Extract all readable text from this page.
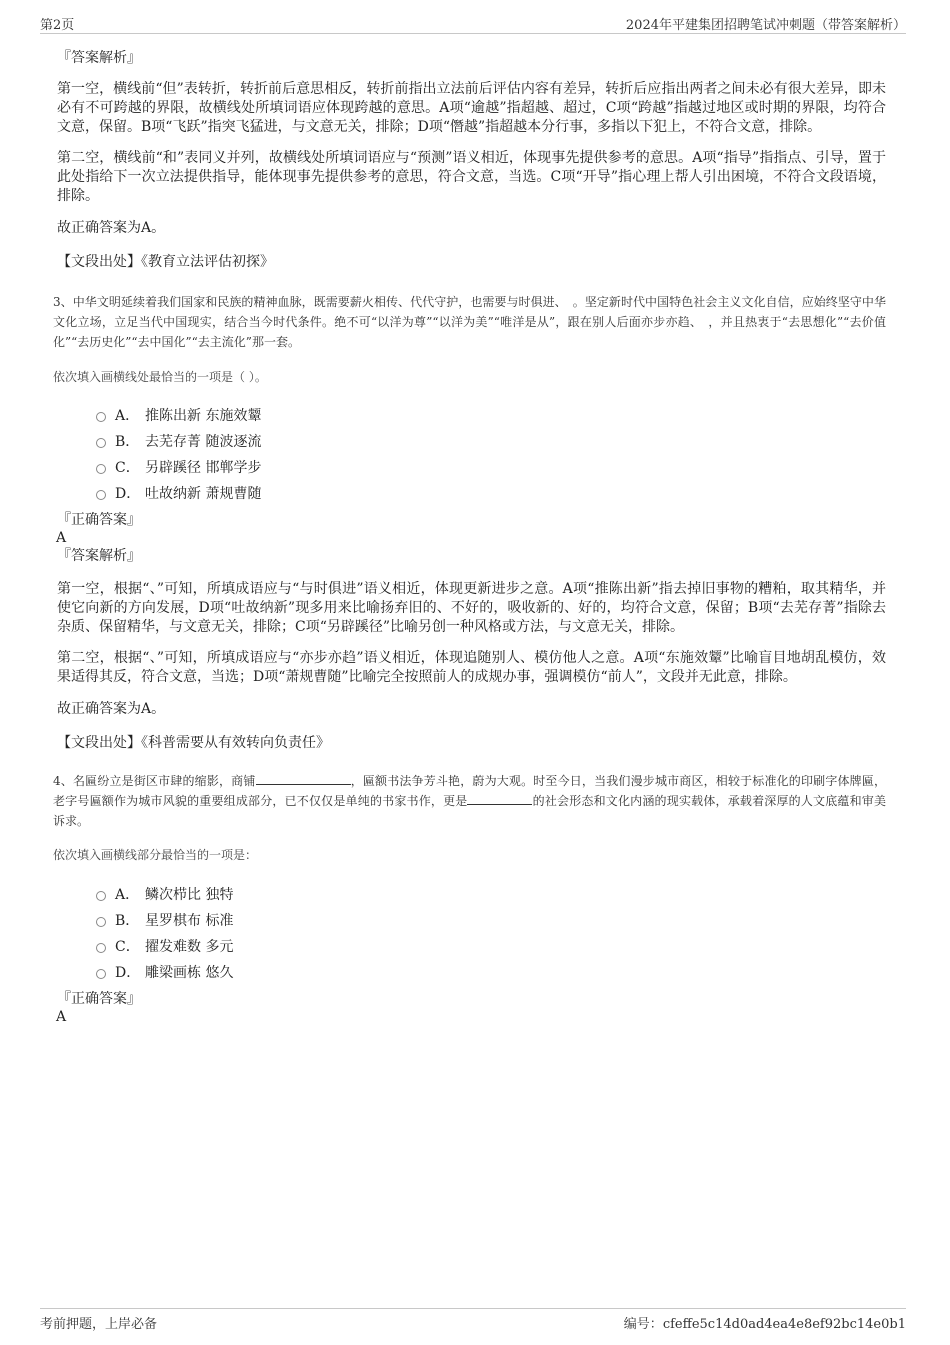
第2页	2024年平建集团招聘笔试冲刺题（带答案解析）

『答案解析』

第一空，横线前“但”表转折，转折前后意思相反，转折前指出立法前后评估内容有差异，转折后应指出两者之间未必有很大差异，即未必有不可跨越的界限，故横线处所填词语应体现跨越的意思。A项“逾越”指超越、超过，C项“跨越”指越过地区或时期的界限，均符合文意，保留。B项“飞跃”指突飞猛进，与文意无关，排除；D项“僭越”指超越本分行事，多指以下犯上，不符合文意，排除。

第二空，横线前“和”表同义并列，故横线处所填词语应与“预测”语义相近，体现事先提供参考的意思。A项“指导”指指点、引导，置于此处指给下一次立法提供指导，能体现事先提供参考的意思，符合文意，当选。C项“开导”指心理上帮人引出困境，不符合文段语境，排除。

故正确答案为A。

【文段出处】《教育立法评估初探》

3、中华文明延续着我们国家和民族的精神血脉，既需要薪火相传、代代守护，也需要与时俱进、　。坚定新时代中国特色社会主义文化自信，应始终坚守中华文化立场，立足当代中国现实，结合当今时代条件。绝不可“以洋为尊”“以洋为美”“唯洋是从”，跟在别人后面亦步亦趋、　，并且热衷于“去思想化”“去价值化”“去历史化”“去中国化”“去主流化”那一套。

依次填入画横线处最恰当的一项是（ ）。

A． 推陈出新 东施效颦
B． 去芜存菁 随波逐流
C． 另辟蹊径 邯郸学步
D． 吐故纳新 萧规曹随

『正确答案』

A

『答案解析』

第一空，根据“、”可知，所填成语应与“与时俱进”语义相近，体现更新进步之意。A项“推陈出新”指去掉旧事物的糟粕，取其精华，并使它向新的方向发展，D项“吐故纳新”现多用来比喻扬弃旧的、不好的，吸收新的、好的，均符合文意，保留；B项“去芜存菁”指除去杂质、保留精华，与文意无关，排除；C项“另辟蹊径”比喻另创一种风格或方法，与文意无关，排除。

第二空，根据“、”可知，所填成语应与“亦步亦趋”语义相近，体现追随别人、模仿他人之意。A项“东施效颦”比喻盲目地胡乱模仿，效果适得其反，符合文意，当选；D项“萧规曹随”比喻完全按照前人的成规办事，强调模仿“前人”，文段并无此意，排除。

故正确答案为A。

【文段出处】《科普需要从有效转向负责任》

4、名匾纷立是街区市肆的缩影，商铺	，匾额书法争芳斗艳，蔚为大观。时至今日，当我们漫步城市商区，相较于标准化的印刷字体牌匾，老字号匾额作为城市风貌的重要组成部分，已不仅仅是单纯的书家书作，更是	的社会形态和文化内涵的现实载体，承载着深厚的人文底蕴和审美诉求。

依次填入画横线部分最恰当的一项是：

A． 鳞次栉比 独特
B． 星罗棋布 标准
C． 擢发难数 多元
D． 雕梁画栋 悠久

『正确答案』

A

考前押题，上岸必备	编号：cfeffe5c14d0ad4ea4e8ef92bc14e0b1
